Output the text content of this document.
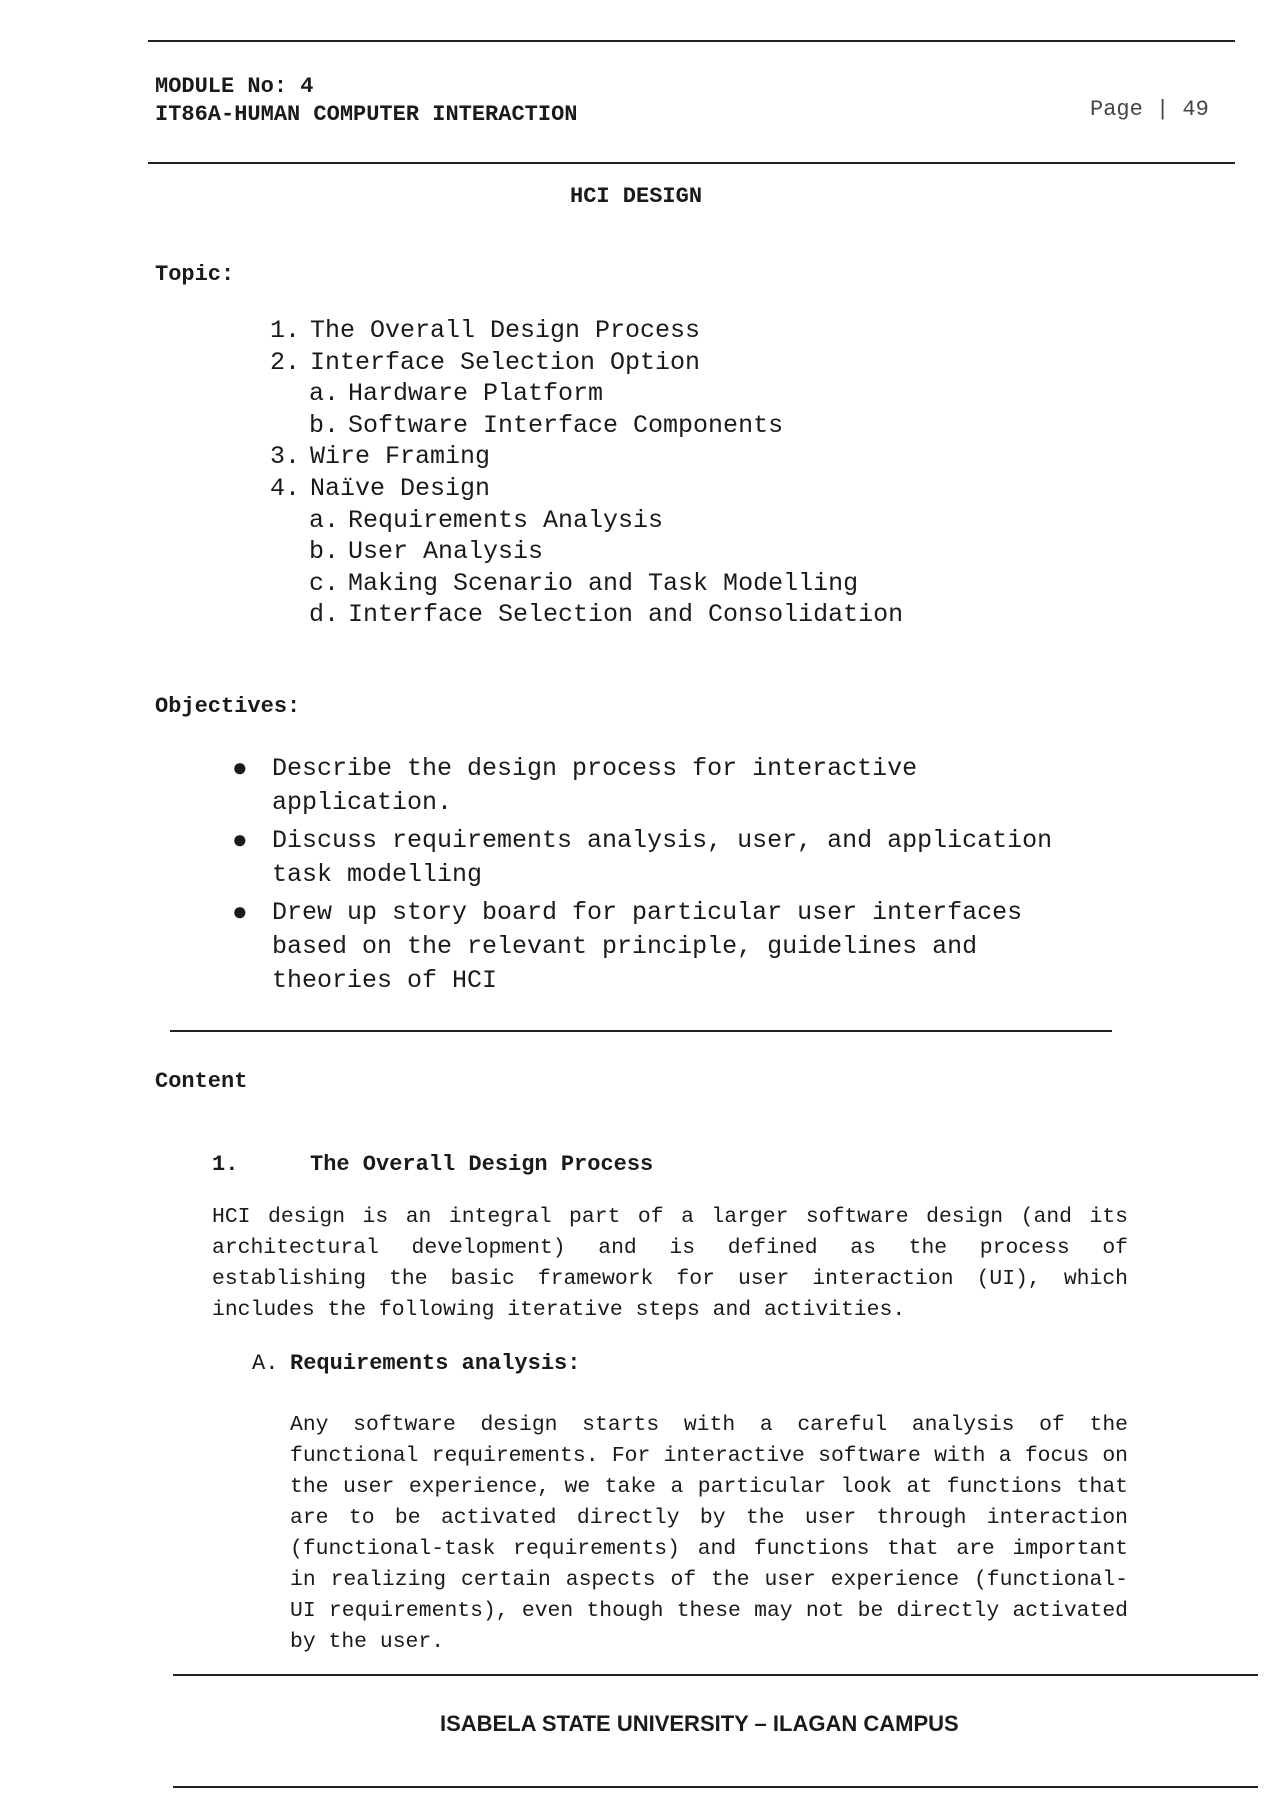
MODULE No: 4
IT86A-HUMAN COMPUTER INTERACTION	Page | 49
HCI DESIGN
Topic:
1. The Overall Design Process
2. Interface Selection Option
a. Hardware Platform
b. Software Interface Components
3. Wire Framing
4. Naïve Design
a. Requirements Analysis
b. User Analysis
c. Making Scenario and Task Modelling
d. Interface Selection and Consolidation
Objectives:
● Describe the design process for interactive application.
● Discuss requirements analysis, user, and application task modelling
● Drew up story board for particular user interfaces based on the relevant principle, guidelines and theories of HCI
Content
1.	The Overall Design Process
HCI design is an integral part of a larger software design (and its architectural development) and is defined as the process of establishing the basic framework for user interaction (UI), which includes the following iterative steps and activities.
A. Requirements analysis:
Any software design starts with a careful analysis of the functional requirements. For interactive software with a focus on the user experience, we take a particular look at functions that are to be activated directly by the user through interaction (functional-task requirements) and functions that are important in realizing certain aspects of the user experience (functional-UI requirements), even though these may not be directly activated by the user.
ISABELA STATE UNIVERSITY – ILAGAN CAMPUS
